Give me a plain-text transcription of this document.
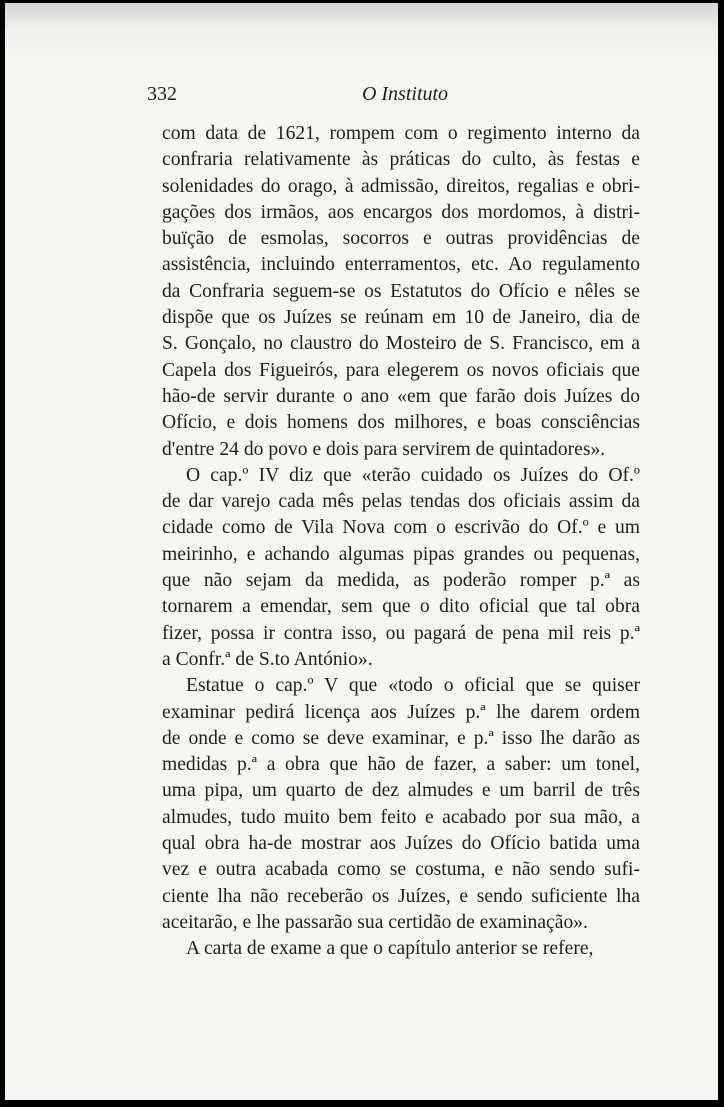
332	O Instituto

com data de 1621, rompem com o regimento interno da
confraria relativamente às práticas do culto, às festas e
solenidades do orago, à admissão, direitos, regalias e obri-
gações dos irmãos, aos encargos dos mordomos, à distri-
buïção de esmolas, socorros e outras providências de
assistência, incluindo enterramentos, etc. Ao regulamento
da Confraria seguem-se os Estatutos do Ofício e nêles se
dispõe que os Juízes se reúnam em 10 de Janeiro, dia de
S. Gonçalo, no claustro do Mosteiro de S. Francisco, em a
Capela dos Figueirós, para elegerem os novos oficiais que
hão-de servir durante o ano «em que farão dois Juízes do
Ofício, e dois homens dos milhores, e boas consciências
d'entre 24 do povo e dois para servirem de quintadores».

O cap.º IV diz que «terão cuidado os Juízes do Of.º
de dar varejo cada mês pelas tendas dos oficiais assim da
cidade como de Vila Nova com o escrivão do Of.º e um
meirinho, e achando algumas pipas grandes ou pequenas,
que não sejam da medida, as poderão romper p.ª as
tornarem a emendar, sem que o dito oficial que tal obra
fizer, possa ir contra isso, ou pagará de pena mil reis p.ª
a Confr.ª de S.to António».

Estatue o cap.º V que «todo o oficial que se quiser
examinar pedirá licença aos Juízes p.ª lhe darem ordem
de onde e como se deve examinar, e p.ª isso lhe darão as
medidas p.ª a obra que hão de fazer, a saber: um tonel,
uma pipa, um quarto de dez almudes e um barril de três
almudes, tudo muito bem feito e acabado por sua mão, a
qual obra ha-de mostrar aos Juízes do Ofício batida uma
vez e outra acabada como se costuma, e não sendo sufi-
ciente lha não receberão os Juízes, e sendo suficiente lha
aceitarão, e lhe passarão sua certidão de examinação».

A carta de exame a que o capítulo anterior se refere,
